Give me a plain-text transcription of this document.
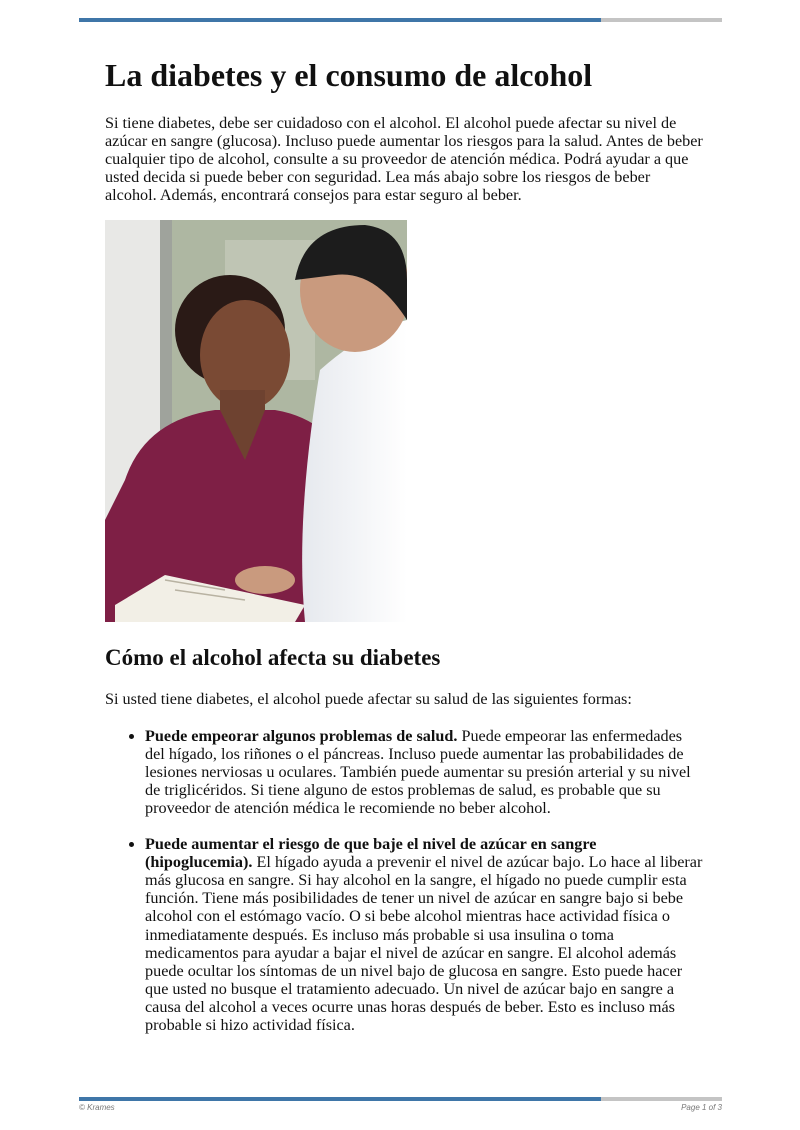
La diabetes y el consumo de alcohol

Si tiene diabetes, debe ser cuidadoso con el alcohol. El alcohol puede afectar su nivel de azúcar en sangre (glucosa). Incluso puede aumentar los riesgos para la salud. Antes de beber cualquier tipo de alcohol, consulte a su proveedor de atención médica. Podrá ayudar a que usted decida si puede beber con seguridad. Lea más abajo sobre los riesgos de beber alcohol. Además, encontrará consejos para estar seguro al beber.

Cómo el alcohol afecta su diabetes

Si usted tiene diabetes, el alcohol puede afectar su salud de las siguientes formas:

• Puede empeorar algunos problemas de salud. Puede empeorar las enfermedades del hígado, los riñones o el páncreas. Incluso puede aumentar las probabilidades de lesiones nerviosas u oculares. También puede aumentar su presión arterial y su nivel de triglicéridos. Si tiene alguno de estos problemas de salud, es probable que su proveedor de atención médica le recomiende no beber alcohol.
• Puede aumentar el riesgo de que baje el nivel de azúcar en sangre (hipoglucemia). El hígado ayuda a prevenir el nivel de azúcar bajo. Lo hace al liberar más glucosa en sangre. Si hay alcohol en la sangre, el hígado no puede cumplir esta función. Tiene más posibilidades de tener un nivel de azúcar en sangre bajo si bebe alcohol con el estómago vacío. O si bebe alcohol mientras hace actividad física o inmediatamente después. Es incluso más probable si usa insulina o toma medicamentos para ayudar a bajar el nivel de azúcar en sangre. El alcohol además puede ocultar los síntomas de un nivel bajo de glucosa en sangre. Esto puede hacer que usted no busque el tratamiento adecuado. Un nivel de azúcar bajo en sangre a causa del alcohol a veces ocurre unas horas después de beber. Esto es incluso más probable si hizo actividad física.
© Krames	Page 1 of 3
